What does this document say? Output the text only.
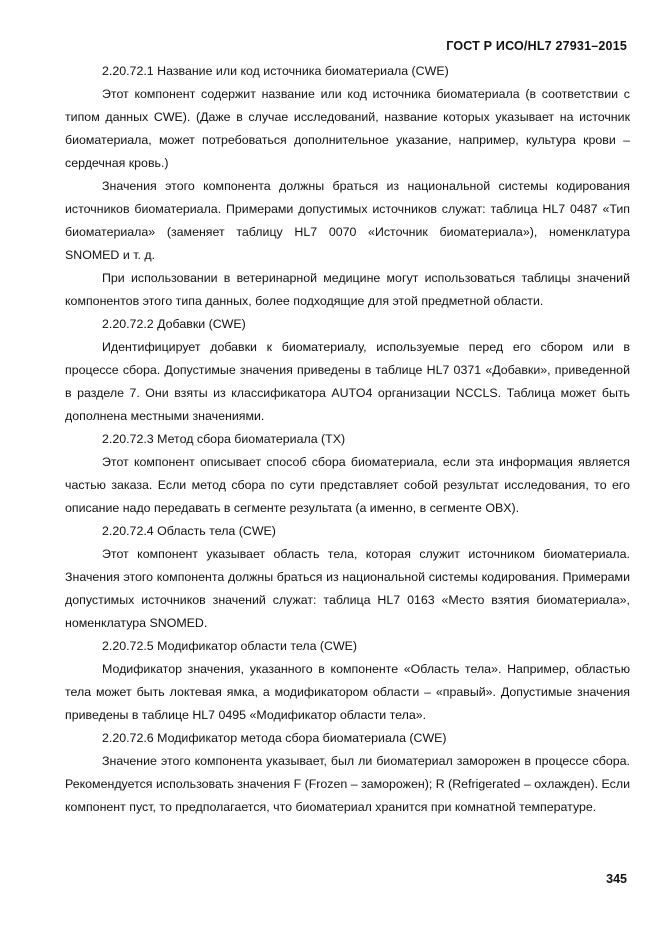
ГОСТ Р ИСО/HL7 27931–2015
2.20.72.1 Название или код источника биоматериала (CWE)

Этот компонент содержит название или код источника биоматериала (в соответствии с типом данных CWE). (Даже в случае исследований, название которых указывает на источник биоматериала, может потребоваться дополнительное указание, например, культура крови – сердечная кровь.)

Значения этого компонента должны браться из национальной системы кодирования источников биоматериала. Примерами допустимых источников служат: таблица HL7 0487 «Тип биоматериала» (заменяет таблицу HL7 0070 «Источник биоматериала»), номенклатура SNOMED и т. д.

При использовании в ветеринарной медицине могут использоваться таблицы значений компонентов этого типа данных, более подходящие для этой предметной области.

2.20.72.2 Добавки (CWE)

Идентифицирует добавки к биоматериалу, используемые перед его сбором или в процессе сбора. Допустимые значения приведены в таблице HL7 0371 «Добавки», приведенной в разделе 7. Они взяты из классификатора AUTO4 организации NCCLS. Таблица может быть дополнена местными значениями.

2.20.72.3 Метод сбора биоматериала (TX)

Этот компонент описывает способ сбора биоматериала, если эта информация является частью заказа. Если метод сбора по сути представляет собой результат исследования, то его описание надо передавать в сегменте результата (а именно, в сегменте OBX).

2.20.72.4 Область тела (CWE)

Этот компонент указывает область тела, которая служит источником биоматериала. Значения этого компонента должны браться из национальной системы кодирования. Примерами допустимых источников значений служат: таблица HL7 0163 «Место взятия биоматериала», номенклатура SNOMED.

2.20.72.5 Модификатор области тела (CWE)

Модификатор значения, указанного в компоненте «Область тела». Например, областью тела может быть локтевая ямка, а модификатором области – «правый». Допустимые значения приведены в таблице HL7 0495 «Модификатор области тела».

2.20.72.6 Модификатор метода сбора биоматериала (CWE)

Значение этого компонента указывает, был ли биоматериал заморожен в процессе сбора. Рекомендуется использовать значения F (Frozen – заморожен); R (Refrigerated – охлажден). Если компонент пуст, то предполагается, что биоматериал хранится при комнатной температуре.

345
